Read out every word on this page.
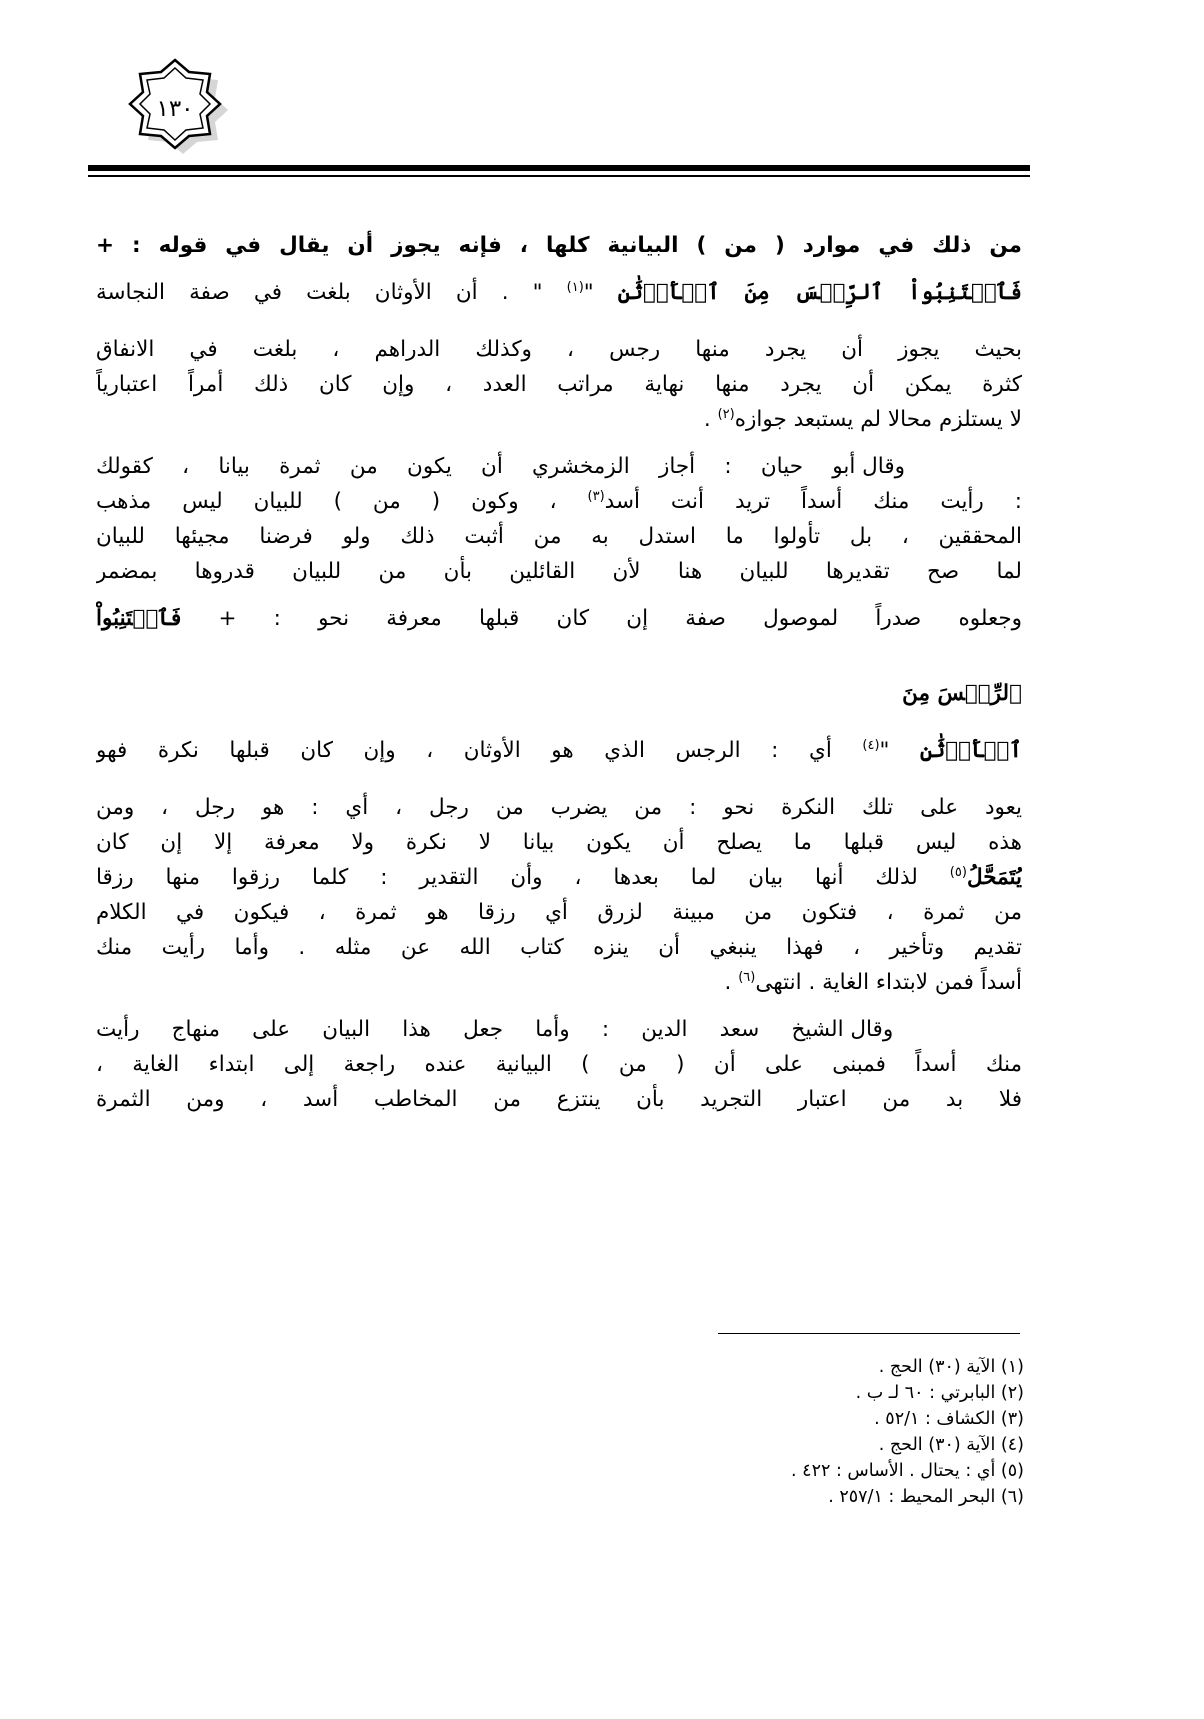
١٣٠
من ذلك في موارد ( من ) البيانية كلها ، فإنه يجوز أن يقال في قوله : +
فَٱجۡتَنِبُواْ ٱلرِّجۡسَ مِنَ ٱلۡأَوۡثَٰنِ "$^{(١)}$ " . أن الأوثان بلغت في صفة النجاسة
بحيث يجوز أن يجرد منها رجس ، وكذلك الدراهم ، بلغت في الانفاق
كثرة يمكن أن يجرد منها نهاية مراتب العدد ، وإن كان ذلك أمراً اعتبارياً
لا يستلزم محالا لم يستبعد جوازه$^{(٢)}$ .
وقال أبو حيان : أجاز الزمخشري أن يكون من ثمرة بيانا ، كقولك
: رأيت منك أسداً تريد أنت أسد$^{(٣)}$ ، وكون ( من ) للبيان ليس مذهب
المحققين ، بل تأولوا ما استدل به من أثبت ذلك ولو فرضنا مجيئها للبيان
لما صح تقديرها للبيان هنا لأن القائلين بأن من للبيان قدروها بمضمر
وجعلوه صدراً لموصول صفة إن كان قبلها معرفة نحو : + فَٱجۡتَنِبُواْ
ٱلرِّجۡسَ مِنَ
ٱلۡأَوۡثَٰنِ "$^{(٤)}$ أي : الرجس الذي هو الأوثان ، وإن كان قبلها نكرة فهو
يعود على تلك النكرة نحو : من يضرب من رجل ، أي : هو رجل ، ومن
هذه ليس قبلها ما يصلح أن يكون بيانا لا نكرة ولا معرفة إلا إن كان
يُتَمَحَّلُ$^{(٥)}$ لذلك أنها بيان لما بعدها ، وأن التقدير : كلما رزقوا منها رزقا
من ثمرة ، فتكون من مبينة لزرق أي رزقا هو ثمرة ، فيكون في الكلام
تقديم وتأخير ، فهذا ينبغي أن ينزه كتاب الله عن مثله . وأما رأيت منك
أسداً فمن لابتداء الغاية . انتهى$^{(٦)}$ .
وقال الشيخ سعد الدين : وأما جعل هذا البيان على منهاج رأيت
منك أسداً فمبنى على أن ( من ) البيانية عنده راجعة إلى ابتداء الغاية ،
فلا بد من اعتبار التجريد بأن ينتزع من المخاطب أسد ، ومن الثمرة
(١) الآية (٣٠) الحج .
(٢) البابرتي : ٦٠ لـ ب .
(٣) الكشاف : ٥٢/١ .
(٤) الآية (٣٠) الحج .
(٥) أي : يحتال . الأساس : ٤٢٢ .
(٦) البحر المحيط : ٢٥٧/١ .
